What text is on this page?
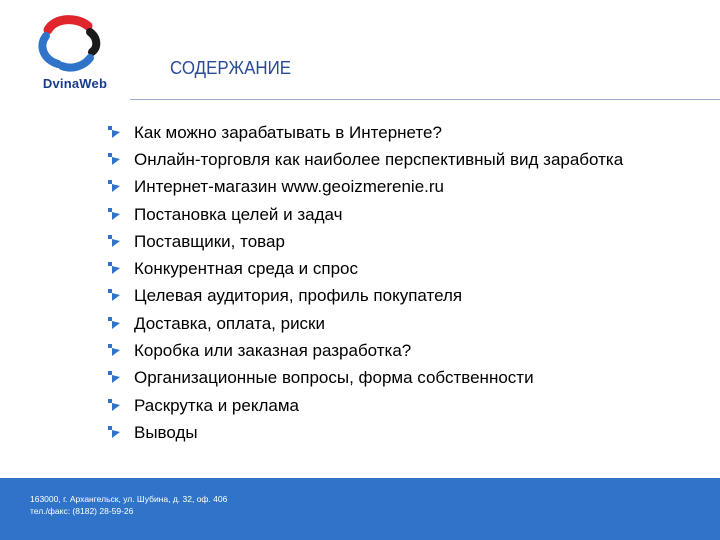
DvinaWeb
СОДЕРЖАНИЕ
Как можно зарабатывать в Интернете?
Онлайн-торговля как наиболее перспективный вид заработка
Интернет-магазин www.geoizmerenie.ru
Постановка целей и задач
Поставщики, товар
Конкурентная среда и спрос
Целевая аудитория, профиль покупателя
Доставка, оплата, риски
Коробка или заказная разработка?
Организационные вопросы, форма собственности
Раскрутка и реклама
Выводы
163000, г. Архангельск, ул. Шубина, д. 32, оф. 406
тел./факс: (8182) 28-59-26
